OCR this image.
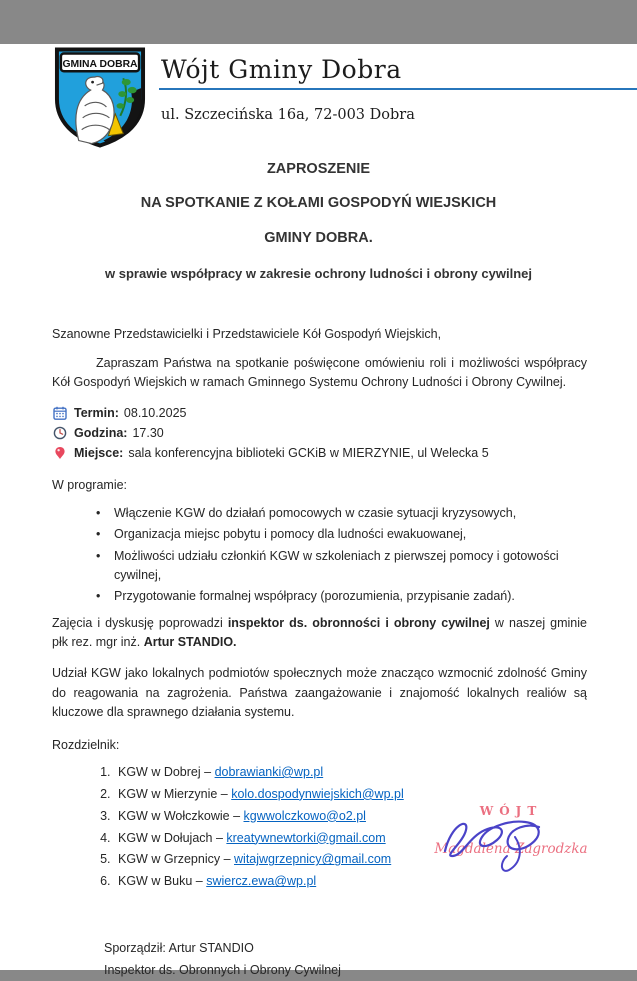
GMINA DOBRA Wójt Gminy Dobra
ul. Szczecińska 16a, 72-003 Dobra
ZAPROSZENIE
NA SPOTKANIE Z KOŁAMI GOSPODYŃ WIEJSKICH
GMINY DOBRA.
w sprawie współpracy w zakresie ochrony ludności i obrony cywilnej

Szanowne Przedstawicielki i Przedstawiciele Kół Gospodyń Wiejskich,

Zapraszam Państwa na spotkanie poświęcone omówieniu roli i możliwości współpracy Kół Gospodyń Wiejskich w ramach Gminnego Systemu Ochrony Ludności i Obrony Cywilnej.

Termin: 08.10.2025
Godzina: 17.30
Miejsce: sala konferencyjna biblioteki GCKiB w MIERZYNIE, ul Welecka 5

W programie:

• Włączenie KGW do działań pomocowych w czasie sytuacji kryzysowych,
• Organizacja miejsc pobytu i pomocy dla ludności ewakuowanej,
• Możliwości udziału członkiń KGW w szkoleniach z pierwszej pomocy i gotowości cywilnej,
• Przygotowanie formalnej współpracy (porozumienia, przypisanie zadań).

Zajęcia i dyskusję poprowadzi inspektor ds. obronności i obrony cywilnej w naszej gminie płk rez. mgr inż. Artur STANDIO.

Udział KGW jako lokalnych podmiotów społecznych może znacząco wzmocnić zdolność Gminy do reagowania na zagrożenia. Państwa zaangażowanie i znajomość lokalnych realiów są kluczowe dla sprawnego działania systemu.

Rozdzielnik:

1. KGW w Dobrej – dobrawianki@wp.pl
2. KGW w Mierzynie – kolo.dospodynwiejskich@wp.pl
3. KGW w Wołczkowie – kgwwolczkowo@o2.pl
4. KGW w Dołujach – kreatywnewtorki@gmail.com
5. KGW w Grzepnicy – witajwgrzepnicy@gmail.com
6. KGW w Buku – swiercz.ewa@wp.pl
Sporządził: Artur STANDIO
Inspektor ds. Obronnych i Obrony Cywilnej
WÓJT
Magdalena Zagrodzka
